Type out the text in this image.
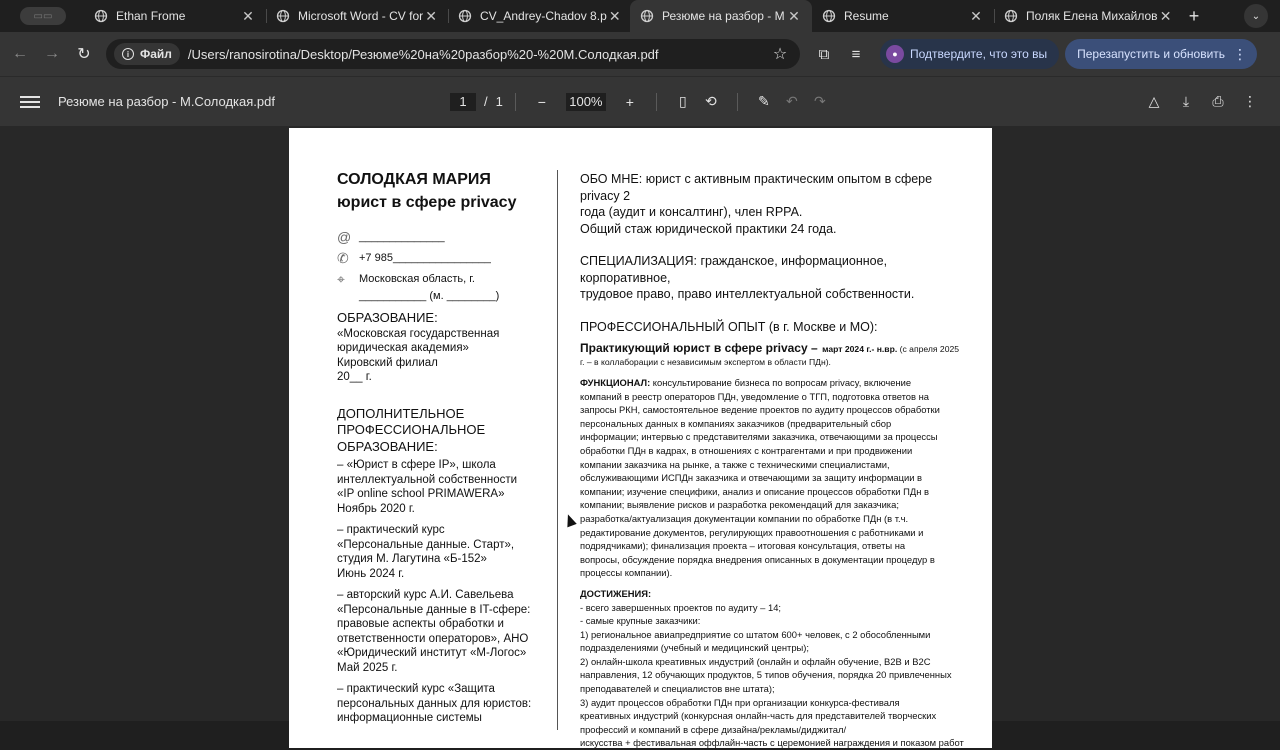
▭▭	Ethan Frome	✕	Microsoft Word - CV for ✕	CV_Andrey-Chadov 8.p ✕	Резюме на разбор - М ✕	Resume	✕	Поляк Елена Михайлов ✕ +	⌄
←	→	↻	i Файл /Users/ranosirotina/Desktop/Резюме%20на%20разбор%20-%20М.Солодкая.pdf	☆	⧉	≡	●	Подтвердите, что это вы	Перезапустить и обновить ⋮
Резюме на разбор - М.Солодкая.pdf	1	/ 1	−	100%	+	▯	⟲	✎	↶	↷	△	⤓	⎙	⋮
СОЛОДКАЯ МАРИЯ
юрист в сфере privacy
@ ______________
✆ +7 985________________
⌖	Московская область, г.
___________ (м. ________)
ОБРАЗОВАНИЕ:
«Московская государственная
юридическая академия»
Кировский филиал
20__ г.
ДОПОЛНИТЕЛЬНОЕ
ПРОФЕССИОНАЛЬНОЕ
ОБРАЗОВАНИЕ:
– «Юрист в сфере IP», школа
интеллектуальной собственности
«IP online school PRIMAWERA»
Ноябрь 2020 г.
– практический курс
«Персональные данные. Старт»,
студия М. Лагутина «Б-152»
Июнь 2024 г.
– авторский курс А.И. Савельева
«Персональные данные в IT-сфере:
правовые аспекты обработки и
ответственности операторов», АНО
«Юридический институт «М-Логос»
Май 2025 г.
– практический курс «Защита
персональных данных для юристов:
информационные системы
ОБО МНЕ: юрист с активным практическим опытом в сфере privacy 2
года (аудит и консалтинг), член RPPA.
Общий стаж юридической практики 24 года.
СПЕЦИАЛИЗАЦИЯ: гражданское, информационное, корпоративное,
трудовое право, право интеллектуальной собственности.
ПРОФЕССИОНАЛЬНЫЙ ОПЫТ (в г. Москве и МО):
Практикующий юрист в сфере privacy – март 2024 г.- н.вр. (с апреля 2025
г. – в коллаборации с независимым экспертом в области ПДн).
ФУНКЦИОНАЛ: консультирование бизнеса по вопросам privacy, включение
компаний в реестр операторов ПДн, уведомление о ТГП, подготовка ответов на
запросы РКН, самостоятельное ведение проектов по аудиту процессов обработки
персональных данных в компаниях заказчиков (предварительный сбор
информации; интервью с представителями заказчика, отвечающими за процессы
обработки ПДн в кадрах, в отношениях с контрагентами и при продвижении
компании заказчика на рынке, а также с техническими специалистами,
обслуживающими ИСПДн заказчика и отвечающими за защиту информации в
компании; изучение специфики, анализ и описание процессов обработки ПДн в
компании; выявление рисков и разработка рекомендаций для заказчика;
разработка/актуализация документации компании по обработке ПДн (в т.ч.
редактирование документов, регулирующих правоотношения с работниками и
подрядчиками); финализация проекта – итоговая консультация, ответы на
вопросы, обсуждение порядка внедрения описанных в документации процедур в
процессы компании).
ДОСТИЖЕНИЯ:
- всего завершенных проектов по аудиту – 14;
- самые крупные заказчики:
1) региональное авиапредприятие со штатом 600+ человек, с 2 обособленными
подразделениями (учебный и медицинский центры);
2) онлайн-школа креативных индустрий (онлайн и офлайн обучение, B2B и B2C
направления, 12 обучающих продуктов, 5 типов обучения, порядка 20 привлеченных
преподавателей и специалистов вне штата);
3) аудит процессов обработки ПДн при организации конкурса-фестиваля
креативных индустрий (конкурсная онлайн-часть для представителей творческих
профессий и компаний в сфере дизайна/рекламы/диджитал/
искусства + фестивальная оффлайн-часть с церемонией награждения и показом работ
